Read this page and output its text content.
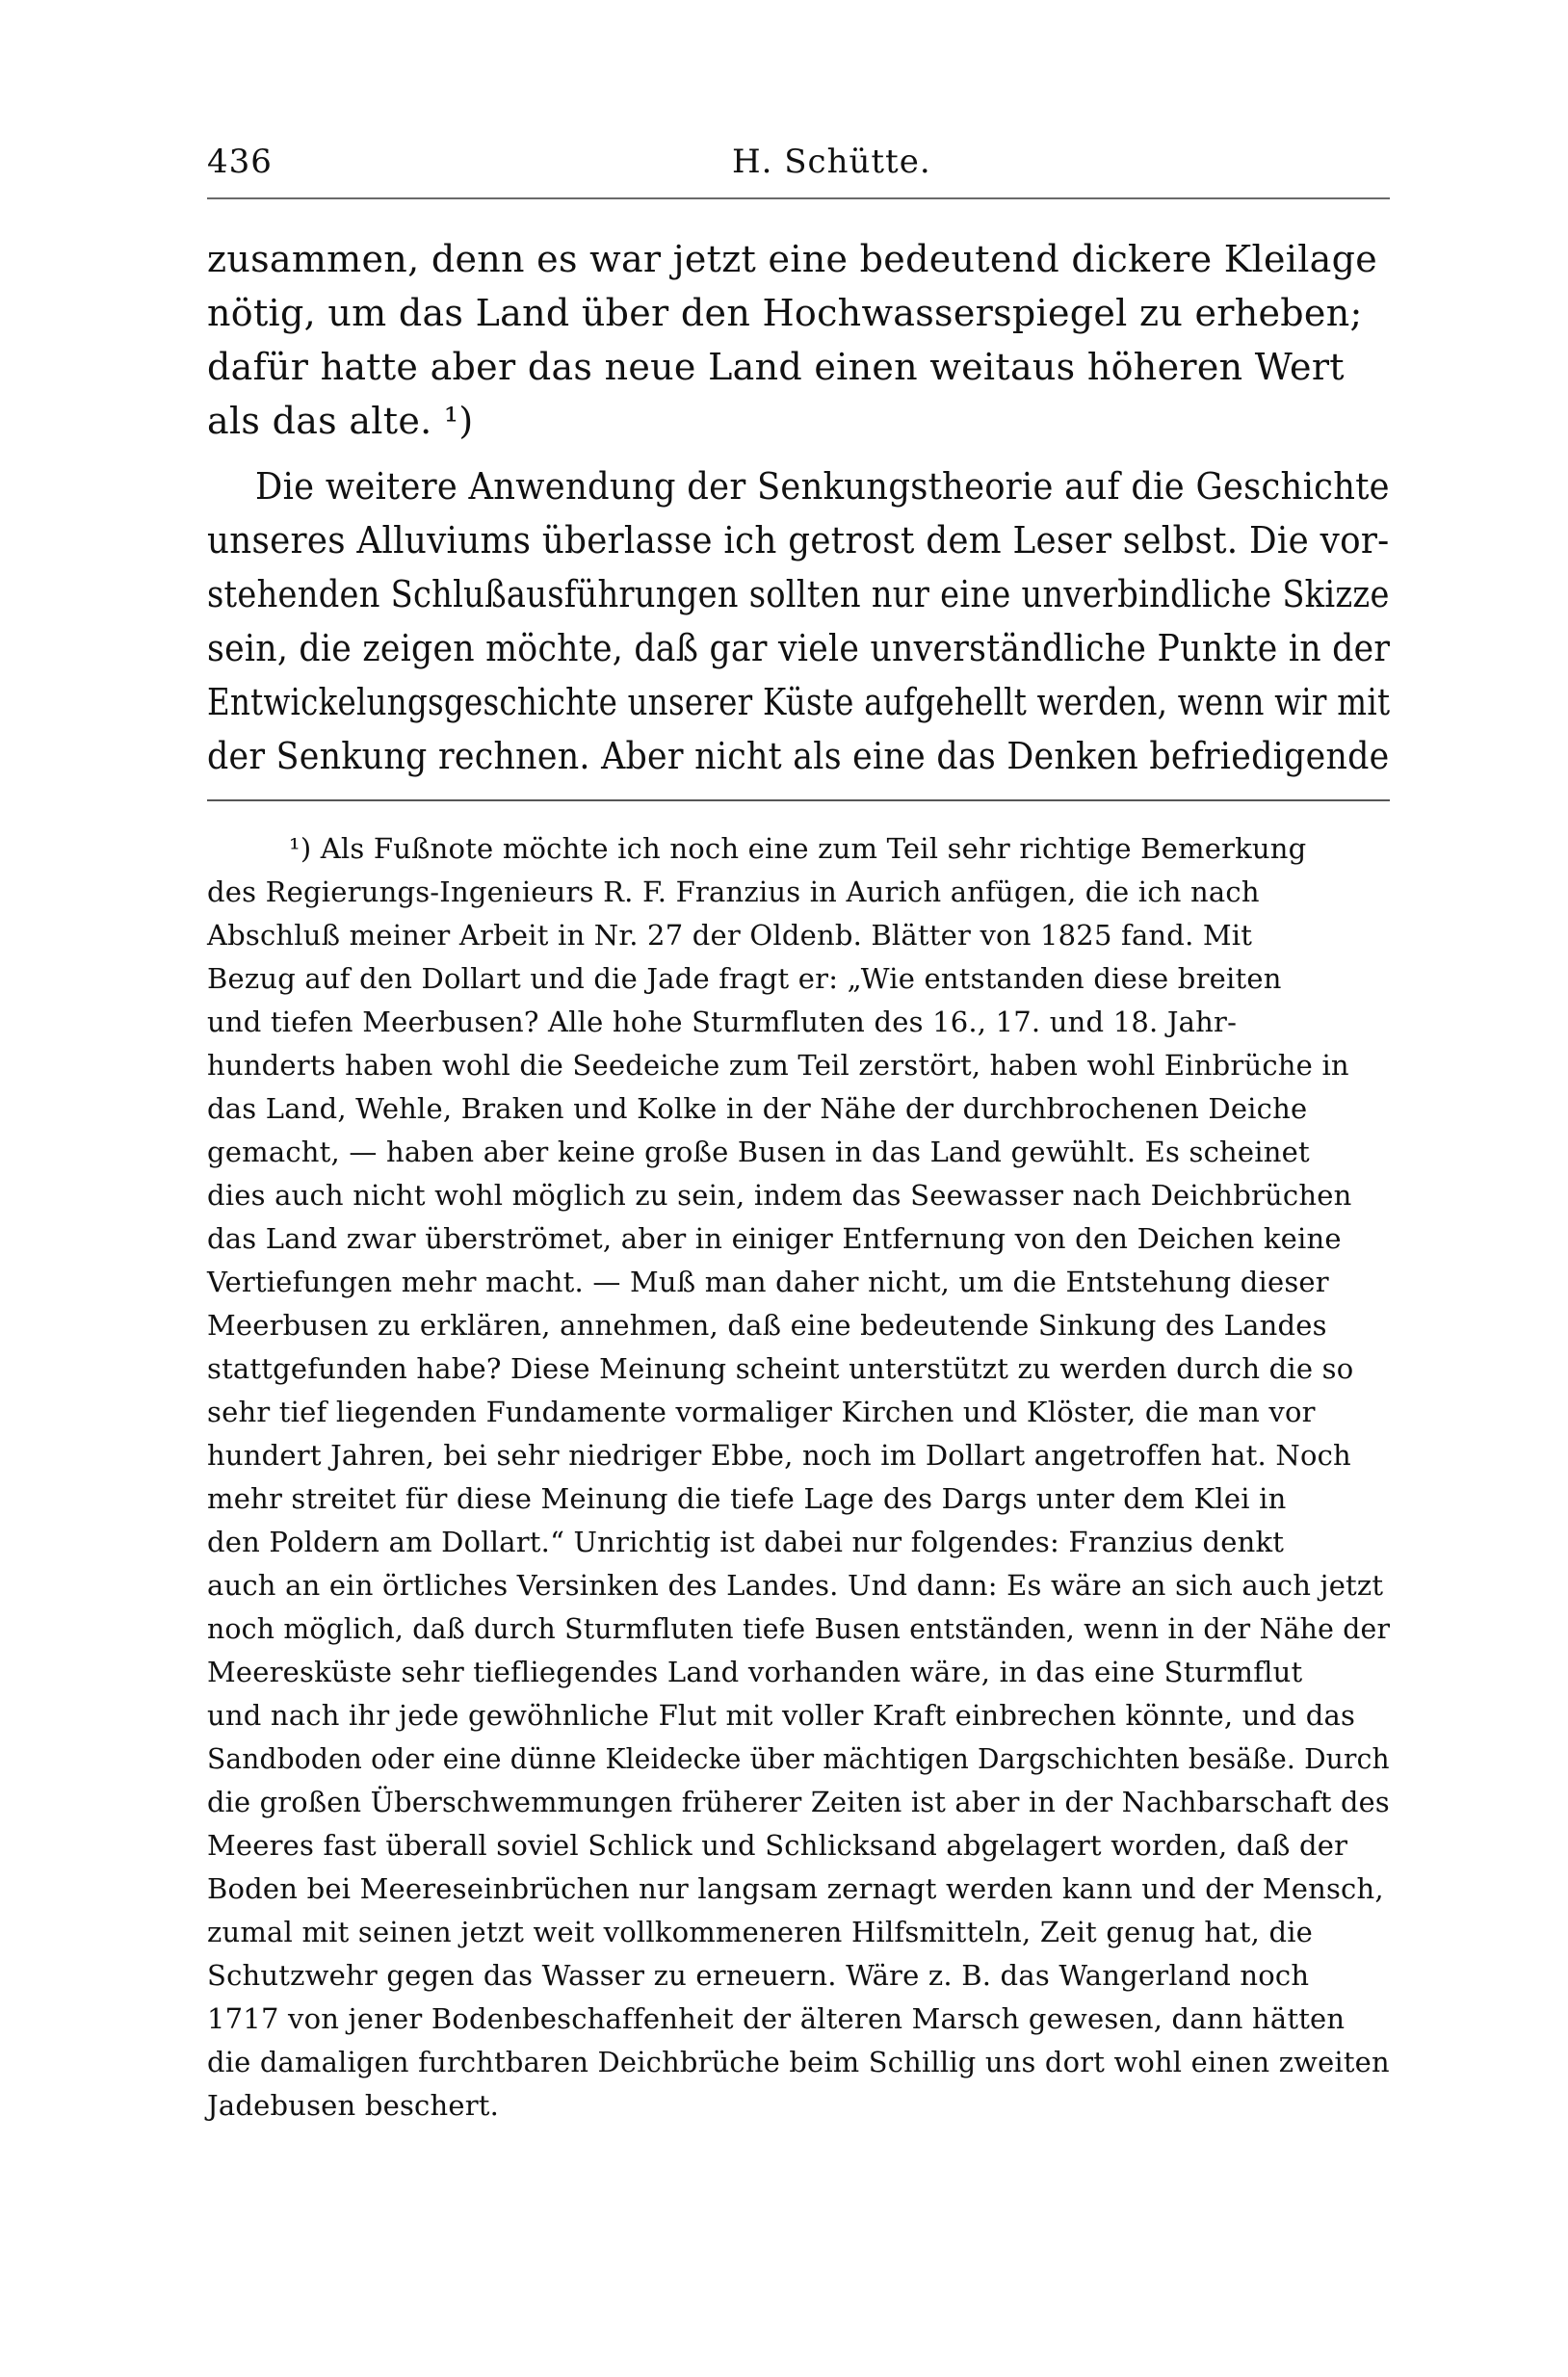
436	H. Schütte.
zusammen, denn es war jetzt eine bedeutend dickere Kleilage
nötig, um das Land über den Hochwasserspiegel zu erheben;
dafür hatte aber das neue Land einen weitaus höheren Wert
als das alte. ¹)
Die weitere Anwendung der Senkungstheorie auf die Geschichte
unseres Alluviums überlasse ich getrost dem Leser selbst. Die vor-
stehenden Schlußausführungen sollten nur eine unverbindliche Skizze
sein, die zeigen möchte, daß gar viele unverständliche Punkte in der
Entwickelungsgeschichte unserer Küste aufgehellt werden, wenn wir mit
der Senkung rechnen. Aber nicht als eine das Denken befriedigende
¹) Als Fußnote möchte ich noch eine zum Teil sehr richtige Bemerkung
des Regierungs-Ingenieurs R. F. Franzius in Aurich anfügen, die ich nach
Abschluß meiner Arbeit in Nr. 27 der Oldenb. Blätter von 1825 fand. Mit
Bezug auf den Dollart und die Jade fragt er: „Wie entstanden diese breiten
und tiefen Meerbusen? Alle hohe Sturmfluten des 16., 17. und 18. Jahr-
hunderts haben wohl die Seedeiche zum Teil zerstört, haben wohl Einbrüche in
das Land, Wehle, Braken und Kolke in der Nähe der durchbrochenen Deiche
gemacht, — haben aber keine große Busen in das Land gewühlt. Es scheinet
dies auch nicht wohl möglich zu sein, indem das Seewasser nach Deichbrüchen
das Land zwar überströmet, aber in einiger Entfernung von den Deichen keine
Vertiefungen mehr macht. — Muß man daher nicht, um die Entstehung dieser
Meerbusen zu erklären, annehmen, daß eine bedeutende Sinkung des Landes
stattgefunden habe? Diese Meinung scheint unterstützt zu werden durch die so
sehr tief liegenden Fundamente vormaliger Kirchen und Klöster, die man vor
hundert Jahren, bei sehr niedriger Ebbe, noch im Dollart angetroffen hat. Noch
mehr streitet für diese Meinung die tiefe Lage des Dargs unter dem Klei in
den Poldern am Dollart.“ Unrichtig ist dabei nur folgendes: Franzius denkt
auch an ein örtliches Versinken des Landes. Und dann: Es wäre an sich auch jetzt
noch möglich, daß durch Sturmfluten tiefe Busen entständen, wenn in der Nähe der
Meeresküste sehr tiefliegendes Land vorhanden wäre, in das eine Sturmflut
und nach ihr jede gewöhnliche Flut mit voller Kraft einbrechen könnte, und das
Sandboden oder eine dünne Kleidecke über mächtigen Dargschichten besäße. Durch
die großen Überschwemmungen früherer Zeiten ist aber in der Nachbarschaft des
Meeres fast überall soviel Schlick und Schlicksand abgelagert worden, daß der
Boden bei Meereseinbrüchen nur langsam zernagt werden kann und der Mensch,
zumal mit seinen jetzt weit vollkommeneren Hilfsmitteln, Zeit genug hat, die
Schutzwehr gegen das Wasser zu erneuern. Wäre z. B. das Wangerland noch
1717 von jener Bodenbeschaffenheit der älteren Marsch gewesen, dann hätten
die damaligen furchtbaren Deichbrüche beim Schillig uns dort wohl einen zweiten
Jadebusen beschert.
